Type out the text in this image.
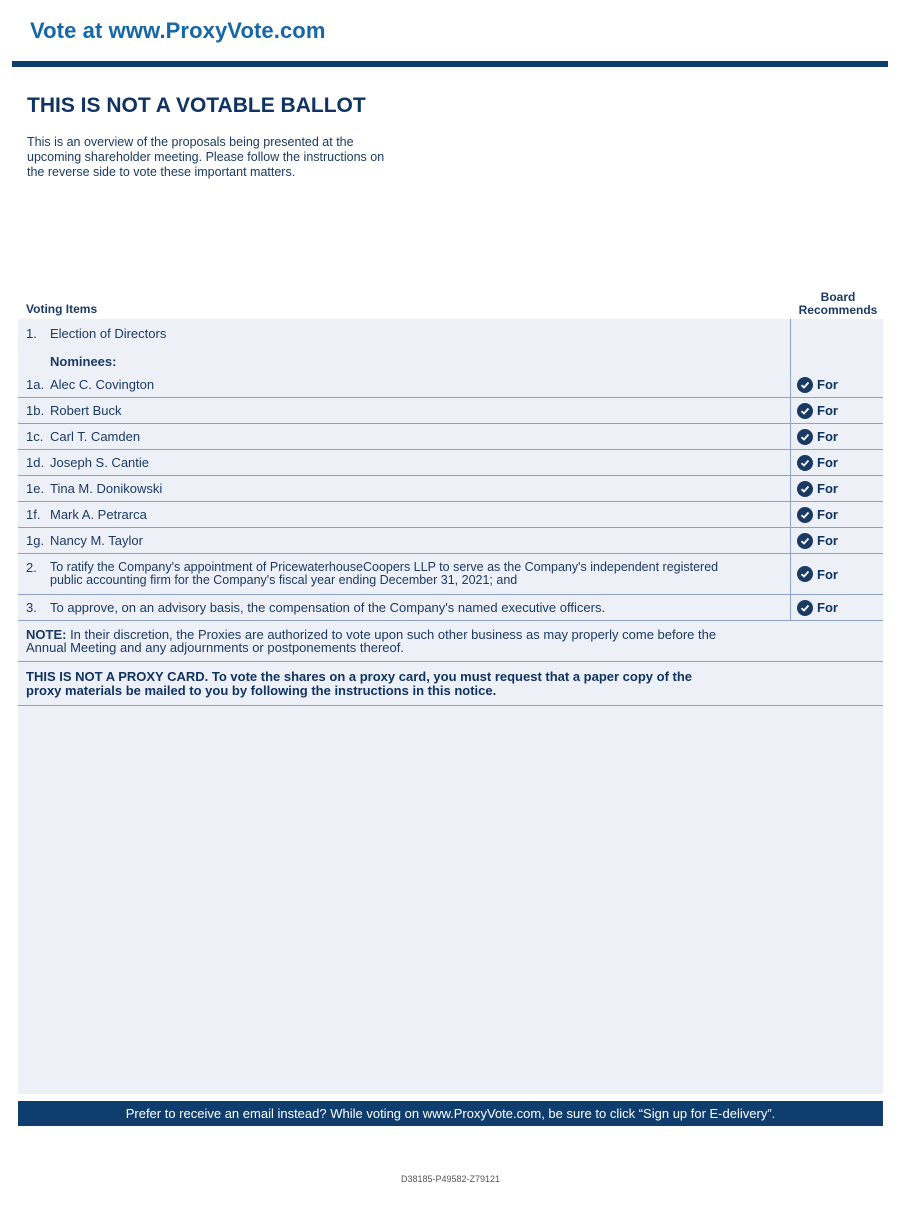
Vote at www.ProxyVote.com
THIS IS NOT A VOTABLE BALLOT
This is an overview of the proposals being presented at the
upcoming shareholder meeting. Please follow the instructions on
the reverse side to vote these important matters.
Voting Items
Board
Recommends
1. Election of Directors	
Nominees:	
1a. Alec C. Covington	For

1b. Robert Buck	For

1c. Carl T. Camden	For

1d. Joseph S. Cantie	For

1e. Tina M. Donikowski	For

1f. Mark A. Petrarca	For

1g. Nancy M. Taylor	For

2. To ratify the Company's appointment of PricewaterhouseCoopers LLP to serve as the Company's independent registered
public accounting firm for the Company's fiscal year ending December 31, 2021; and	For

3. To approve, on an advisory basis, the compensation of the Company's named executive officers.	For

NOTE: In their discretion, the Proxies are authorized to vote upon such other business as may properly come before the
Annual Meeting and any adjournments or postponements thereof.	

THIS IS NOT A PROXY CARD. To vote the shares on a proxy card, you must request that a paper copy of the
proxy materials be mailed to you by following the instructions in this notice.	
Prefer to receive an email instead? While voting on www.ProxyVote.com, be sure to click “Sign up for E-delivery”.
D38185-P49582-Z79121
